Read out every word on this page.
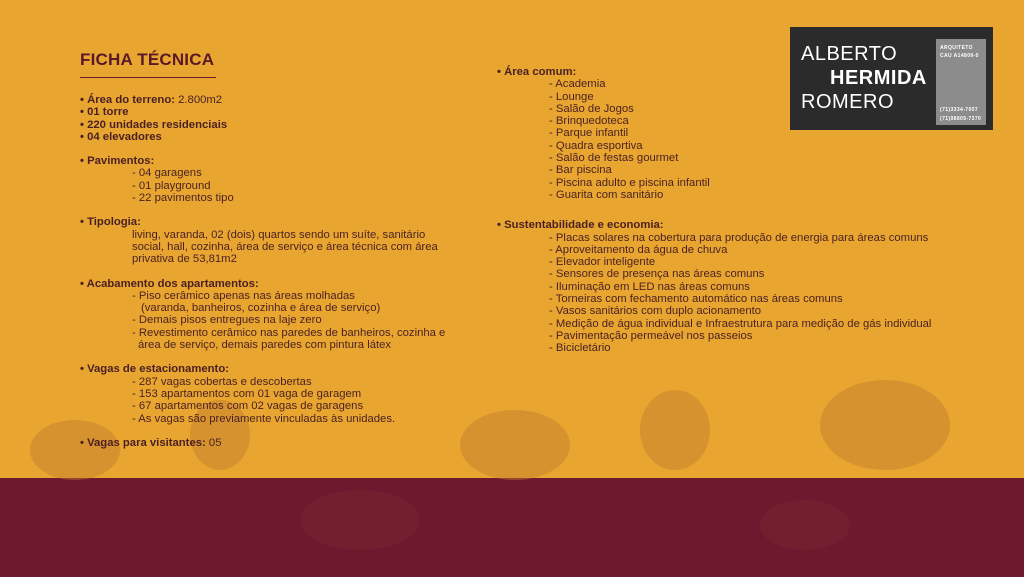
FICHA TÉCNICA
• Área do terreno: 2.800m2
• 01 torre
• 220 unidades residenciais
• 04 elevadores
• Pavimentos:
- 04 garagens
- 01 playground
- 22 pavimentos tipo
• Tipologia:
living, varanda, 02 (dois) quartos sendo um suíte, sanitário
social, hall, cozinha, área de serviço e área técnica com área
privativa de 53,81m2
• Acabamento dos apartamentos:
- Piso cerâmico apenas nas áreas molhadas
(varanda, banheiros, cozinha e área de serviço)
- Demais pisos entregues na laje zero
- Revestimento cerâmico nas paredes de banheiros, cozinha e
área de serviço, demais paredes com pintura látex
• Vagas de estacionamento:
- 287 vagas cobertas e descobertas
- 153 apartamentos com 01 vaga de garagem
- 67 apartamentos com 02 vagas de garagens
- As vagas são previamente vinculadas às unidades.
• Vagas para visitantes: 05
• Área comum:
- Academia
- Lounge
- Salão de Jogos
- Brinquedoteca
- Parque infantil
- Quadra esportiva
- Salão de festas gourmet
- Bar piscina
- Piscina adulto e piscina infantil
- Guarita com sanitário
• Sustentabilidade e economia:
- Placas solares na cobertura para produção de energia para áreas comuns
- Aproveitamento da água de chuva
- Elevador inteligente
- Sensores de presença nas áreas comuns
- Iluminação em LED nas áreas comuns
- Torneiras com fechamento automático nas áreas comuns
- Vasos sanitários com duplo acionamento
- Medição de água individual e Infraestrutura para medição de gás individual
- Pavimentação permeável nos passeios
- Bicicletário
ALBERTO
HERMIDA
ROMERO
ARQUITETO
CAU A14809-0
(71)3334-7007
(71)98805-7370
